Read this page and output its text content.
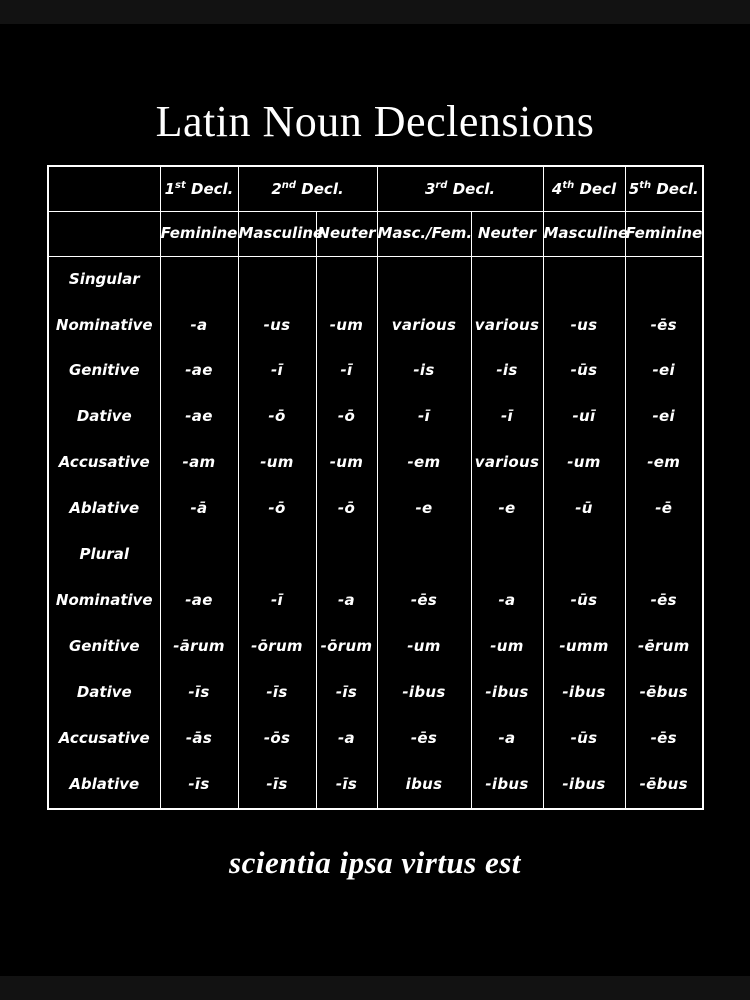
Latin Noun Declensions
	1st Decl.	2nd Decl.		3rd Decl.		4th Decl	5th Decl.
	Feminine	Masculine	Neuter	Masc./Fem.	Neuter	Masculine	Feminine
Singular							
Nominative	-a	-us	-um	various	various	-us	-ēs
Genitive	-ae	-ī	-ī	-is	-is	-ūs	-ei
Dative	-ae	-ō	-ō	-ī	-ī	-uī	-ei
Accusative	-am	-um	-um	-em	various	-um	-em
Ablative	-ā	-ō	-ō	-e	-e	-ū	-ē
Plural							
Nominative	-ae	-ī	-a	-ēs	-a	-ūs	-ēs
Genitive	-ārum	-ōrum	-ōrum	-um	-um	-umm	-ērum
Dative	-īs	-īs	-īs	-ibus	-ibus	-ibus	-ēbus
Accusative	-ās	-ōs	-a	-ēs	-a	-ūs	-ēs
Ablative	-īs	-īs	-īs	ibus	-ibus	-ibus	-ēbus
scientia ipsa virtus est
